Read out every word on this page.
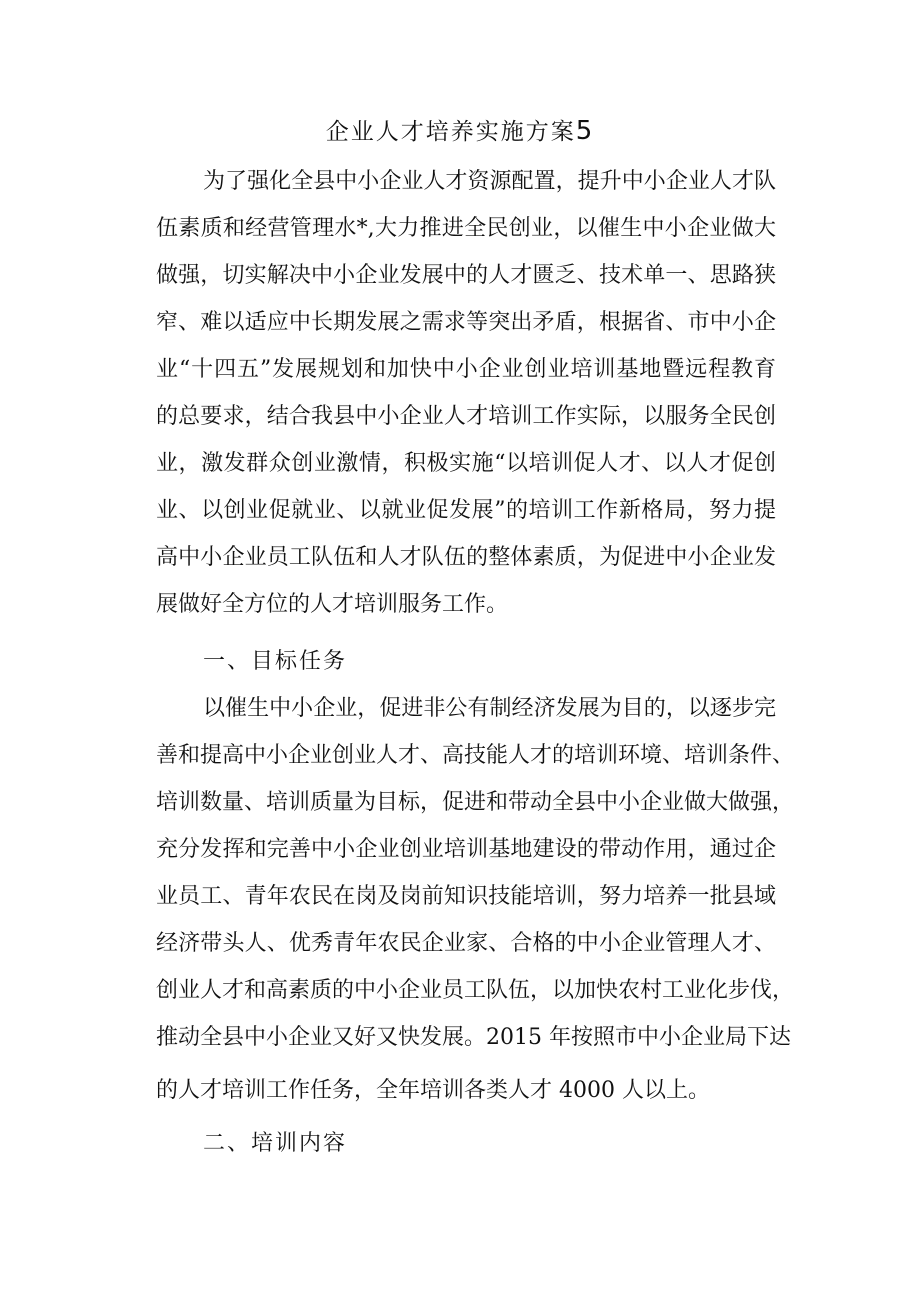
企业人才培养实施方案5
为了强化全县中小企业人才资源配置，提升中小企业人才队
伍素质和经营管理水*,大力推进全民创业，以催生中小企业做大
做强，切实解决中小企业发展中的人才匮乏、技术单一、思路狭
窄、难以适应中长期发展之需求等突出矛盾，根据省、市中小企
业“十四五”发展规划和加快中小企业创业培训基地暨远程教育
的总要求，结合我县中小企业人才培训工作实际，以服务全民创
业，激发群众创业激情，积极实施“以培训促人才、以人才促创
业、以创业促就业、以就业促发展”的培训工作新格局，努力提
高中小企业员工队伍和人才队伍的整体素质，为促进中小企业发
展做好全方位的人才培训服务工作。
一、目标任务
以催生中小企业，促进非公有制经济发展为目的，以逐步完
善和提高中小企业创业人才、高技能人才的培训环境、培训条件、
培训数量、培训质量为目标，促进和带动全县中小企业做大做强，
充分发挥和完善中小企业创业培训基地建设的带动作用，通过企
业员工、青年农民在岗及岗前知识技能培训，努力培养一批县域
经济带头人、优秀青年农民企业家、合格的中小企业管理人才、
创业人才和高素质的中小企业员工队伍，以加快农村工业化步伐，
推动全县中小企业又好又快发展。2015 年按照市中小企业局下达
的人才培训工作任务，全年培训各类人才 4000 人以上。
二、培训内容
